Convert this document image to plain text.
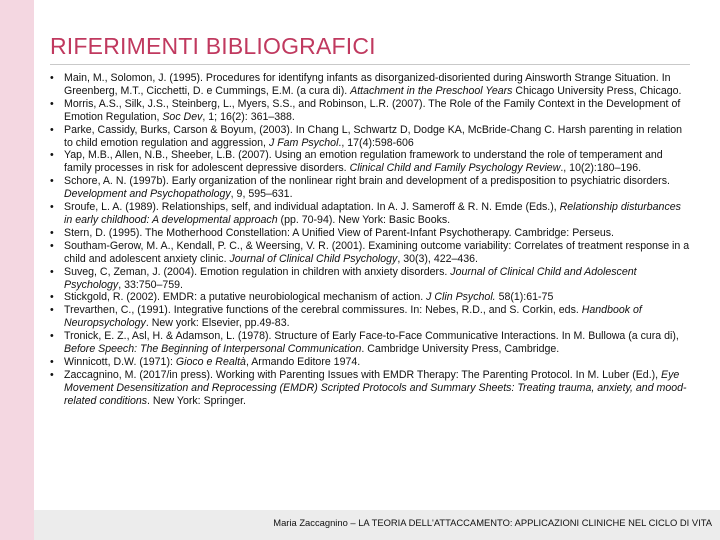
RIFERIMENTI BIBLIOGRAFICI
• Main, M., Solomon, J. (1995). Procedures for identifyng infants as disorganized-disoriented during Ainsworth Strange Situation. In Greenberg, M.T., Cicchetti, D. e Cummings, E.M. (a cura di). Attachment in the Preschool Years Chicago University Press, Chicago.
• Morris, A.S., Silk, J.S., Steinberg, L., Myers, S.S., and Robinson, L.R. (2007). The Role of the Family Context in the Development of Emotion Regulation, Soc Dev, 1; 16(2): 361–388.
• Parke, Cassidy, Burks, Carson & Boyum, (2003). In Chang L, Schwartz D, Dodge KA, McBride-Chang C. Harsh parenting in relation to child emotion regulation and aggression, J Fam Psychol., 17(4):598-606
• Yap, M.B., Allen, N.B., Sheeber, L.B. (2007). Using an emotion regulation framework to understand the role of temperament and family processes in risk for adolescent depressive disorders. Clinical Child and Family Psychology Review., 10(2):180–196.
• Schore, A. N. (1997b). Early organization of the nonlinear right brain and development of a predisposition to psychiatric disorders. Development and Psychopathology, 9, 595–631.
• Sroufe, L. A. (1989). Relationships, self, and individual adaptation. In A. J. Sameroff & R. N. Emde (Eds.), Relationship disturbances in early childhood: A developmental approach (pp. 70-94). New York: Basic Books.
• Stern, D. (1995). The Motherhood Constellation: A Unified View of Parent-Infant Psychotherapy. Cambridge: Perseus.
• Southam-Gerow, M. A., Kendall, P. C., & Weersing, V. R. (2001). Examining outcome variability: Correlates of treatment response in a child and adolescent anxiety clinic. Journal of Clinical Child Psychology, 30(3), 422–436.
• Suveg, C, Zeman, J. (2004). Emotion regulation in children with anxiety disorders. Journal of Clinical Child and Adolescent Psychology, 33:750–759.
• Stickgold, R. (2002). EMDR: a putative neurobiological mechanism of action. J Clin Psychol. 58(1):61-75
• Trevarthen, C., (1991). Integrative functions of the cerebral commissures. In: Nebes, R.D., and S. Corkin, eds. Handbook of Neuropsychology. New york: Elsevier, pp.49-83.
• Tronick, E. Z., Asl, H. & Adamson, L. (1978). Structure of Early Face-to-Face Communicative Interactions. In M. Bullowa (a cura di), Before Speech: The Beginning of Interpersonal Communication. Cambridge University Press, Cambridge.
• Winnicott, D.W. (1971): Gioco e Realtà, Armando Editore 1974.
• Zaccagnino, M. (2017/in press). Working with Parenting Issues with EMDR Therapy: The Parenting Protocol. In M. Luber (Ed.), Eye Movement Desensitization and Reprocessing (EMDR) Scripted Protocols and Summary Sheets: Treating trauma, anxiety, and mood-related conditions. New York: Springer.
Maria Zaccagnino – LA TEORIA DELL'ATTACCAMENTO: APPLICAZIONI CLINICHE NEL CICLO DI VITA
